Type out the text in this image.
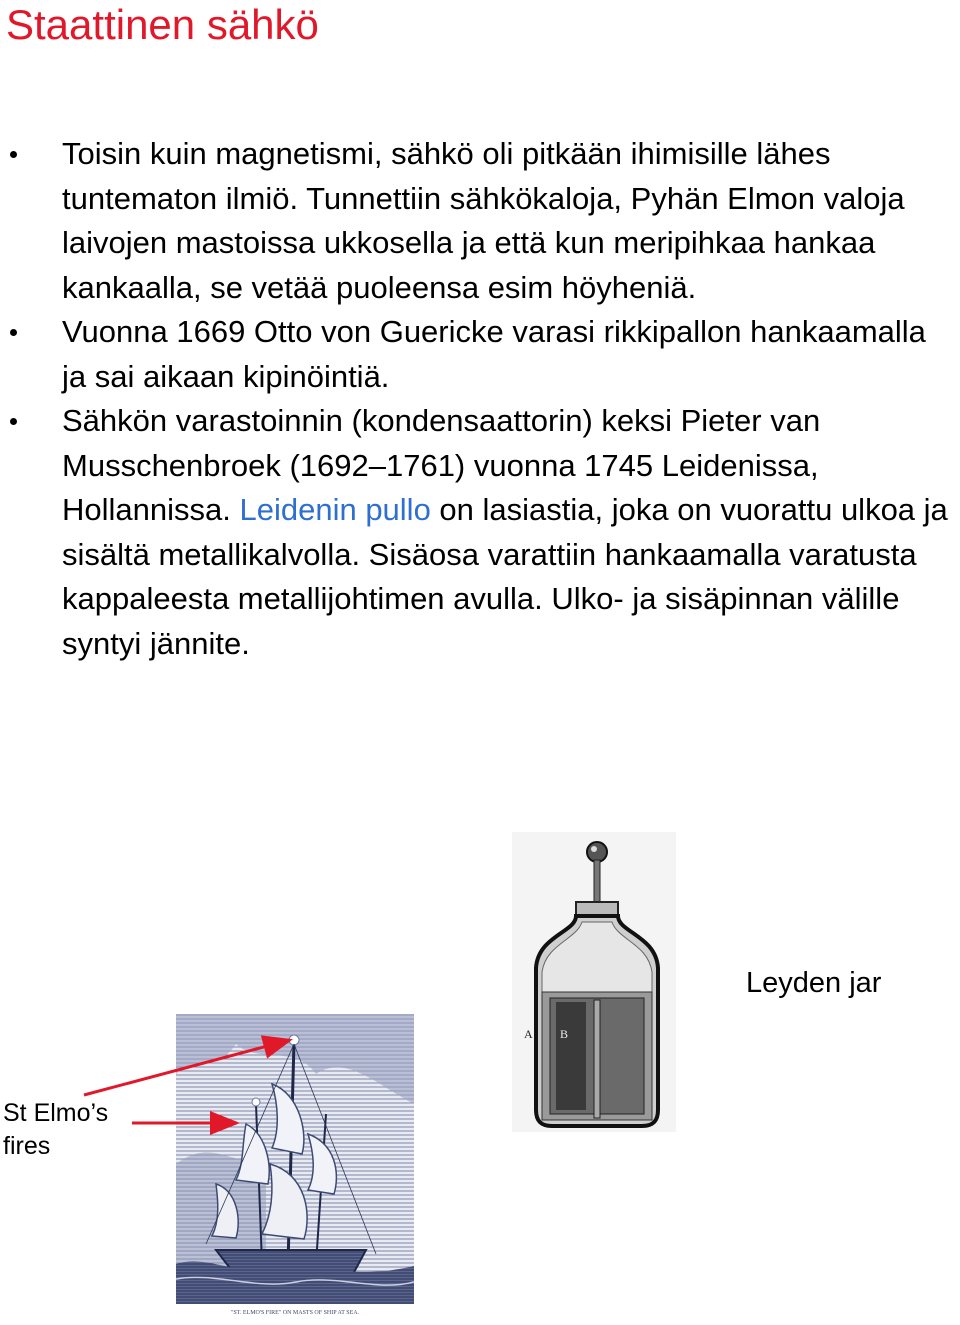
Staattinen sähkö
Toisin kuin magnetismi, sähkö oli pitkään ihimisille lähes tuntematon ilmiö. Tunnettiin sähkökaloja, Pyhän Elmon valoja laivojen mastoissa ukkosella ja että kun meripihkaa hankaa kankaalla, se vetää puoleensa esim höyheniä.
Vuonna 1669 Otto von Guericke varasi rikkipallon hankaamalla ja sai aikaan kipinöintiä.
Sähkön varastoinnin (kondensaattorin) keksi Pieter van Musschenbroek (1692–1761) vuonna 1745 Leidenissa, Hollannissa. Leidenin pullo on lasiastia, joka on vuorattu ulkoa ja sisältä metallikalvolla. Sisäosa varattiin hankaamalla varatusta kappaleesta metallijohtimen avulla. Ulko- ja sisäpinnan välille syntyi jännite.
A B
"ST. ELMO'S FIRE" ON MASTS OF SHIP AT SEA.
Leyden jar
St Elmo’s
fires
